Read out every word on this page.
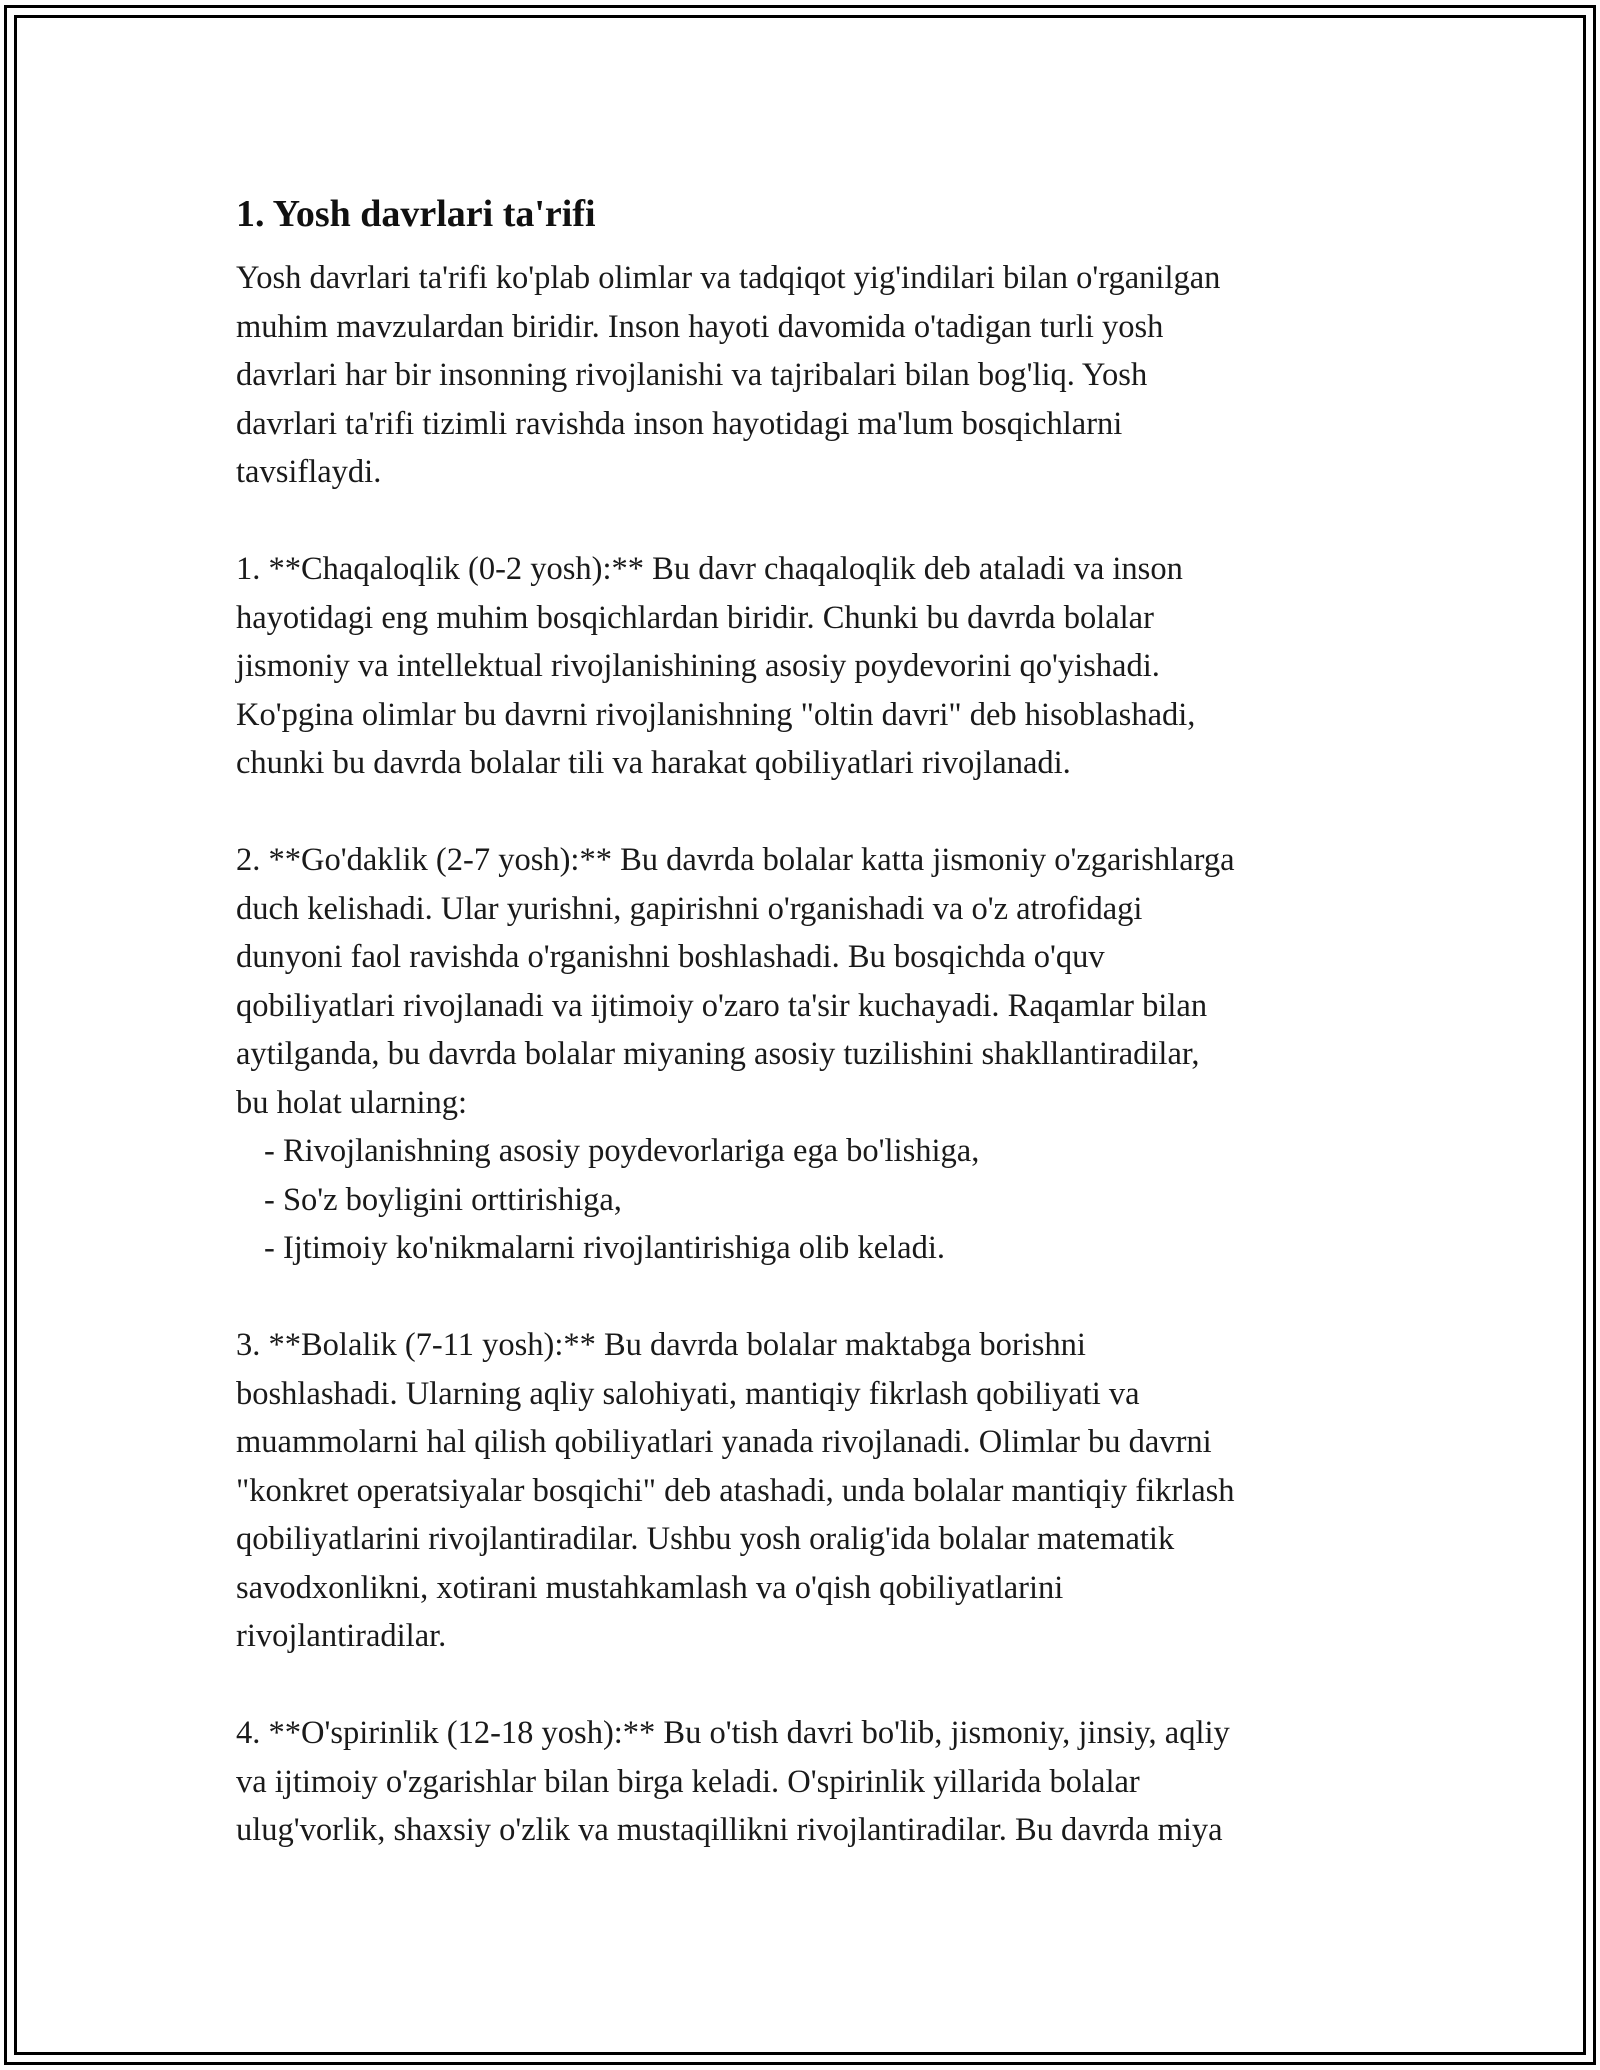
1. Yosh davrlari ta'rifi
Yosh davrlari ta'rifi ko'plab olimlar va tadqiqot yig'indilari bilan o'rganilgan
muhim mavzulardan biridir. Inson hayoti davomida o'tadigan turli yosh
davrlari har bir insonning rivojlanishi va tajribalari bilan bog'liq. Yosh
davrlari ta'rifi tizimli ravishda inson hayotidagi ma'lum bosqichlarni
tavsiflaydi.
1. **Chaqaloqlik (0-2 yosh):** Bu davr chaqaloqlik deb ataladi va inson
hayotidagi eng muhim bosqichlardan biridir. Chunki bu davrda bolalar
jismoniy va intellektual rivojlanishining asosiy poydevorini qo'yishadi.
Ko'pgina olimlar bu davrni rivojlanishning "oltin davri" deb hisoblashadi,
chunki bu davrda bolalar tili va harakat qobiliyatlari rivojlanadi.
2. **Go'daklik (2-7 yosh):** Bu davrda bolalar katta jismoniy o'zgarishlarga
duch kelishadi. Ular yurishni, gapirishni o'rganishadi va o'z atrofidagi
dunyoni faol ravishda o'rganishni boshlashadi. Bu bosqichda o'quv
qobiliyatlari rivojlanadi va ijtimoiy o'zaro ta'sir kuchayadi. Raqamlar bilan
aytilganda, bu davrda bolalar miyaning asosiy tuzilishini shakllantiradilar,
bu holat ularning:
- Rivojlanishning asosiy poydevorlariga ega bo'lishiga,
- So'z boyligini orttirishiga,
- Ijtimoiy ko'nikmalarni rivojlantirishiga olib keladi.
3. **Bolalik (7-11 yosh):** Bu davrda bolalar maktabga borishni
boshlashadi. Ularning aqliy salohiyati, mantiqiy fikrlash qobiliyati va
muammolarni hal qilish qobiliyatlari yanada rivojlanadi. Olimlar bu davrni
"konkret operatsiyalar bosqichi" deb atashadi, unda bolalar mantiqiy fikrlash
qobiliyatlarini rivojlantiradilar. Ushbu yosh oralig'ida bolalar matematik
savodxonlikni, xotirani mustahkamlash va o'qish qobiliyatlarini
rivojlantiradilar.
4. **O'spirinlik (12-18 yosh):** Bu o'tish davri bo'lib, jismoniy, jinsiy, aqliy
va ijtimoiy o'zgarishlar bilan birga keladi. O'spirinlik yillarida bolalar
ulug'vorlik, shaxsiy o'zlik va mustaqillikni rivojlantiradilar. Bu davrda miya
